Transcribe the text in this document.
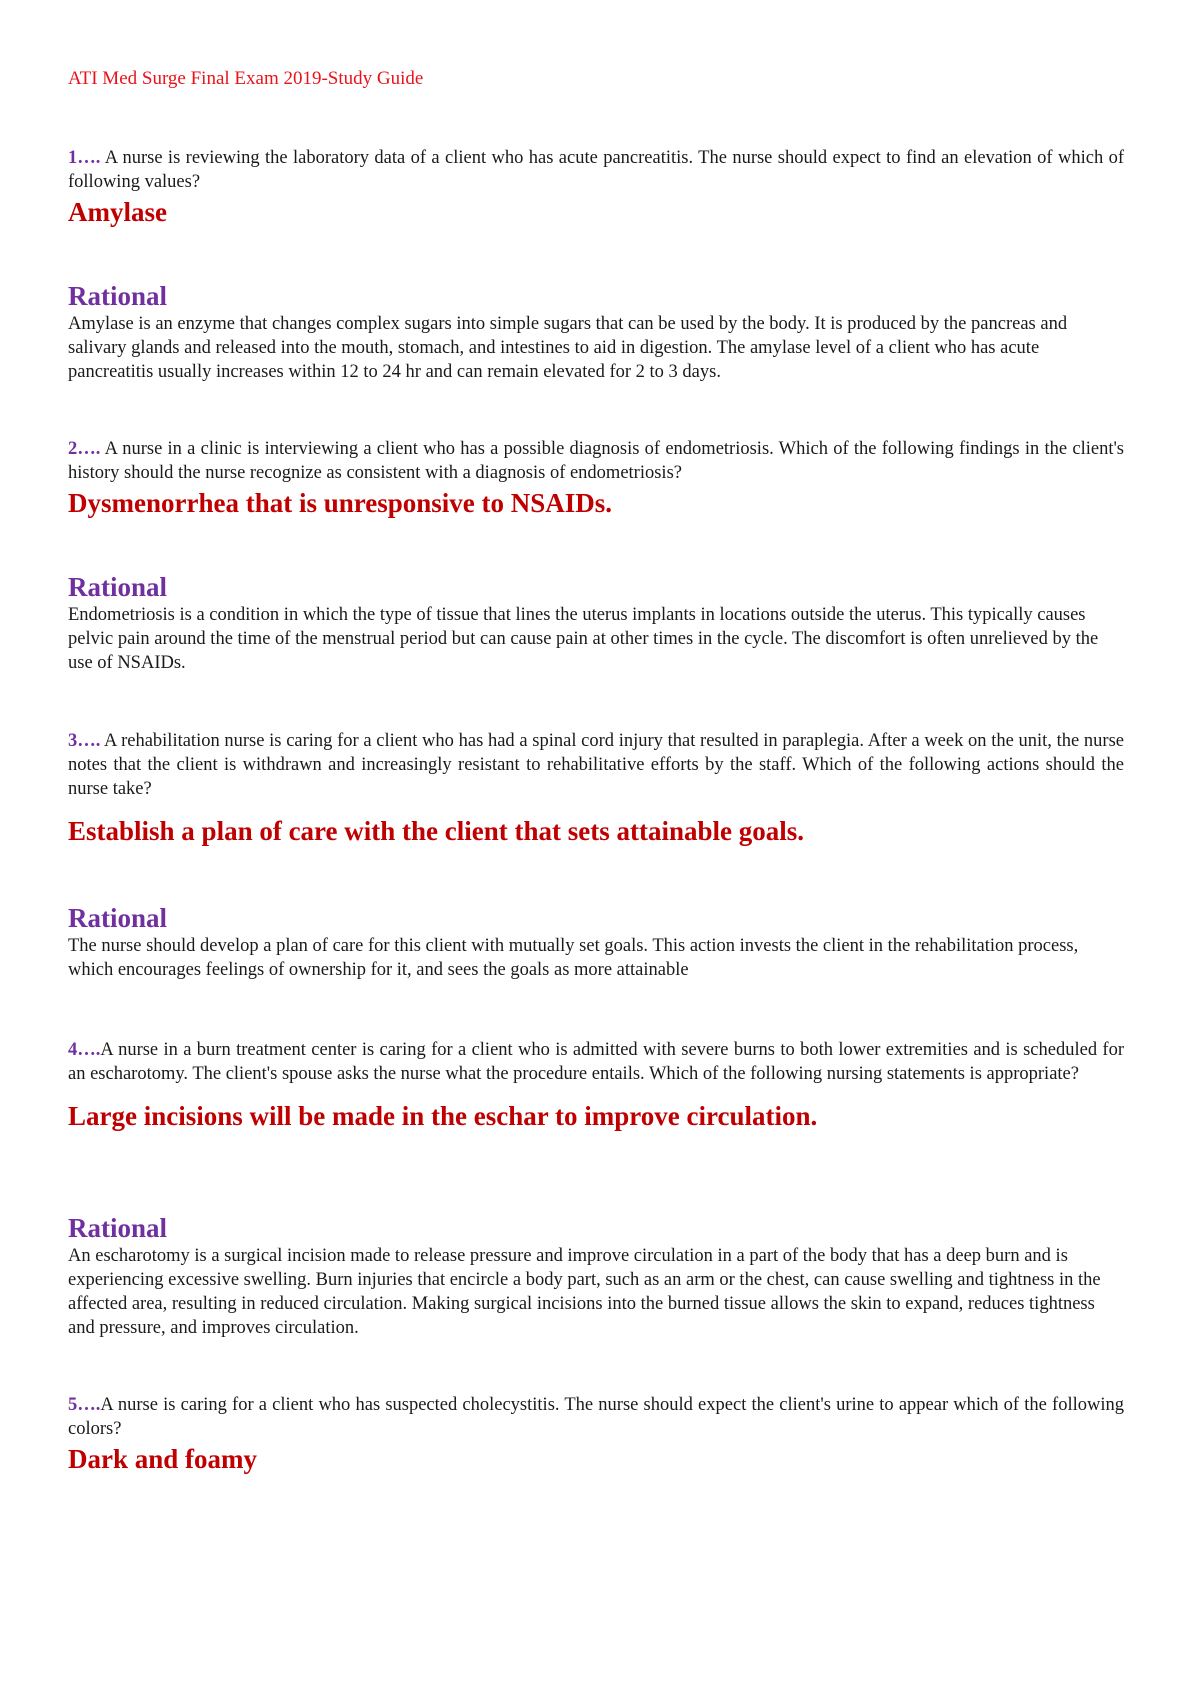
ATI Med Surge Final Exam 2019-Study Guide

1…. A nurse is reviewing the laboratory data of a client who has acute pancreatitis. The nurse should expect to find an elevation of which of following values?

Amylase

Rational

Amylase is an enzyme that changes complex sugars into simple sugars that can be used by the body. It is produced by the pancreas and salivary glands and released into the mouth, stomach, and intestines to aid in digestion. The amylase level of a client who has acute pancreatitis usually increases within 12 to 24 hr and can remain elevated for 2 to 3 days.

2…. A nurse in a clinic is interviewing a client who has a possible diagnosis of endometriosis. Which of the following findings in the client's history should the nurse recognize as consistent with a diagnosis of endometriosis?

Dysmenorrhea that is unresponsive to NSAIDs.

Rational

Endometriosis is a condition in which the type of tissue that lines the uterus implants in locations outside the uterus. This typically causes pelvic pain around the time of the menstrual period but can cause pain at other times in the cycle. The discomfort is often unrelieved by the use of NSAIDs.

3…. A rehabilitation nurse is caring for a client who has had a spinal cord injury that resulted in paraplegia. After a week on the unit, the nurse notes that the client is withdrawn and increasingly resistant to rehabilitative efforts by the staff. Which of the following actions should the nurse take?

Establish a plan of care with the client that sets attainable goals.

Rational

The nurse should develop a plan of care for this client with mutually set goals. This action invests the client in the rehabilitation process, which encourages feelings of ownership for it, and sees the goals as more attainable

4….A nurse in a burn treatment center is caring for a client who is admitted with severe burns to both lower extremities and is scheduled for an escharotomy. The client's spouse asks the nurse what the procedure entails. Which of the following nursing statements is appropriate?

Large incisions will be made in the eschar to improve circulation.

Rational

An escharotomy is a surgical incision made to release pressure and improve circulation in a part of the body that has a deep burn and is experiencing excessive swelling. Burn injuries that encircle a body part, such as an arm or the chest, can cause swelling and tightness in the affected area, resulting in reduced circulation. Making surgical incisions into the burned tissue allows the skin to expand, reduces tightness and pressure, and improves circulation.

5….A nurse is caring for a client who has suspected cholecystitis. The nurse should expect the client's urine to appear which of the following colors?

Dark and foamy
